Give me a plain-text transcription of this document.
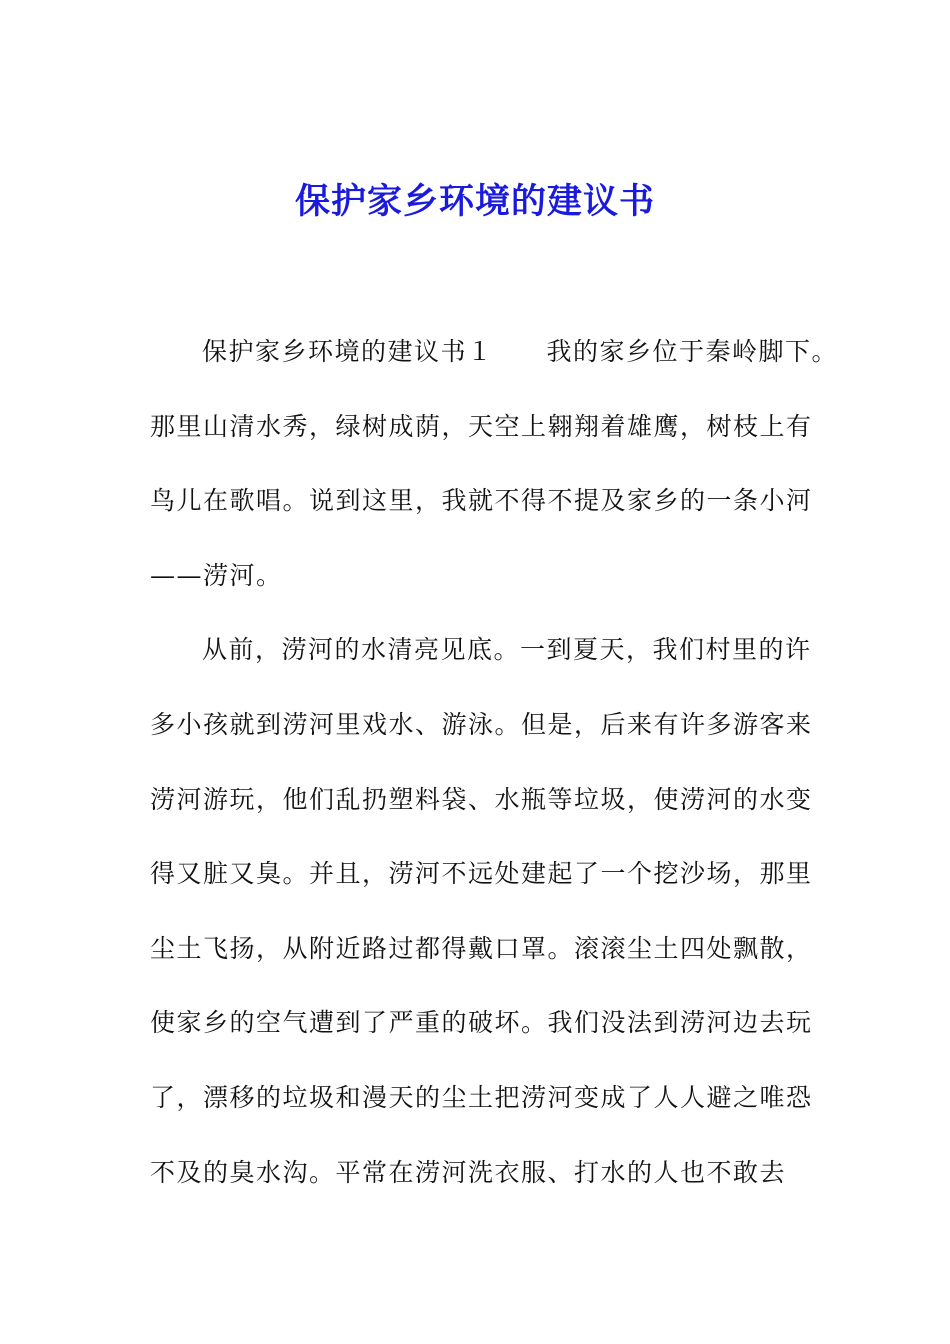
保护家乡环境的建议书
保护家乡环境的建议书１　　我的家乡位于秦岭脚下。
那里山清水秀，绿树成荫，天空上翱翔着雄鹰，树枝上有
鸟儿在歌唱。说到这里，我就不得不提及家乡的一条小河
——涝河。
从前，涝河的水清亮见底。一到夏天，我们村里的许
多小孩就到涝河里戏水、游泳。但是，后来有许多游客来
涝河游玩，他们乱扔塑料袋、水瓶等垃圾，使涝河的水变
得又脏又臭。并且，涝河不远处建起了一个挖沙场，那里
尘土飞扬，从附近路过都得戴口罩。滚滚尘土四处飘散，
使家乡的空气遭到了严重的破坏。我们没法到涝河边去玩
了，漂移的垃圾和漫天的尘土把涝河变成了人人避之唯恐
不及的臭水沟。平常在涝河洗衣服、打水的人也不敢去
